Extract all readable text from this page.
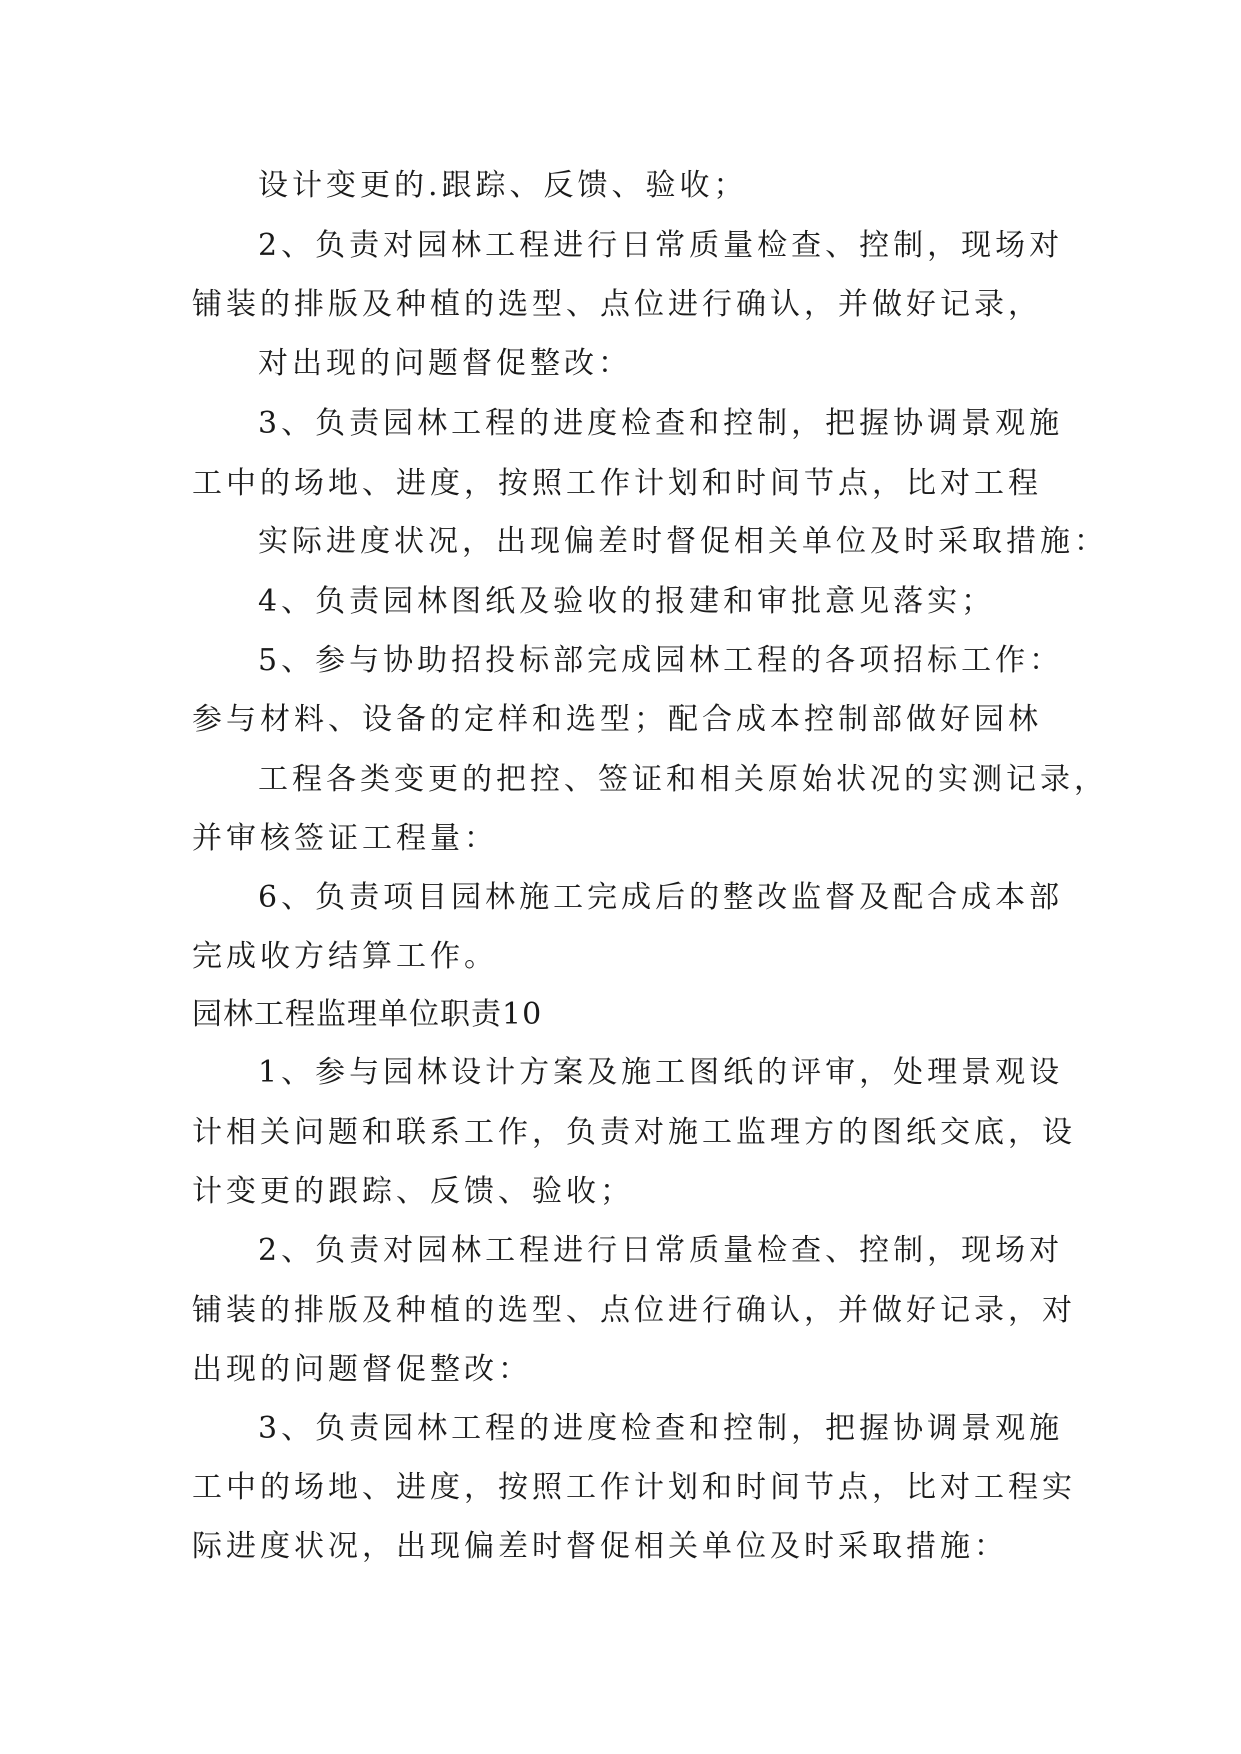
设计变更的.跟踪、反馈、验收；
2、负责对园林工程进行日常质量检查、控制，现场对
铺装的排版及种植的选型、点位进行确认，并做好记录，
对出现的问题督促整改：
3、负责园林工程的进度检查和控制，把握协调景观施
工中的场地、进度，按照工作计划和时间节点，比对工程
实际进度状况，出现偏差时督促相关单位及时采取措施：
4、负责园林图纸及验收的报建和审批意见落实；
5、参与协助招投标部完成园林工程的各项招标工作：
参与材料、设备的定样和选型；配合成本控制部做好园林
工程各类变更的把控、签证和相关原始状况的实测记录，
并审核签证工程量：
6、负责项目园林施工完成后的整改监督及配合成本部
完成收方结算工作。
园林工程监理单位职责10
1、参与园林设计方案及施工图纸的评审，处理景观设
计相关问题和联系工作，负责对施工监理方的图纸交底，设
计变更的跟踪、反馈、验收；
2、负责对园林工程进行日常质量检查、控制，现场对
铺装的排版及种植的选型、点位进行确认，并做好记录，对
出现的问题督促整改：
3、负责园林工程的进度检查和控制，把握协调景观施
工中的场地、进度，按照工作计划和时间节点，比对工程实
际进度状况，出现偏差时督促相关单位及时采取措施：
